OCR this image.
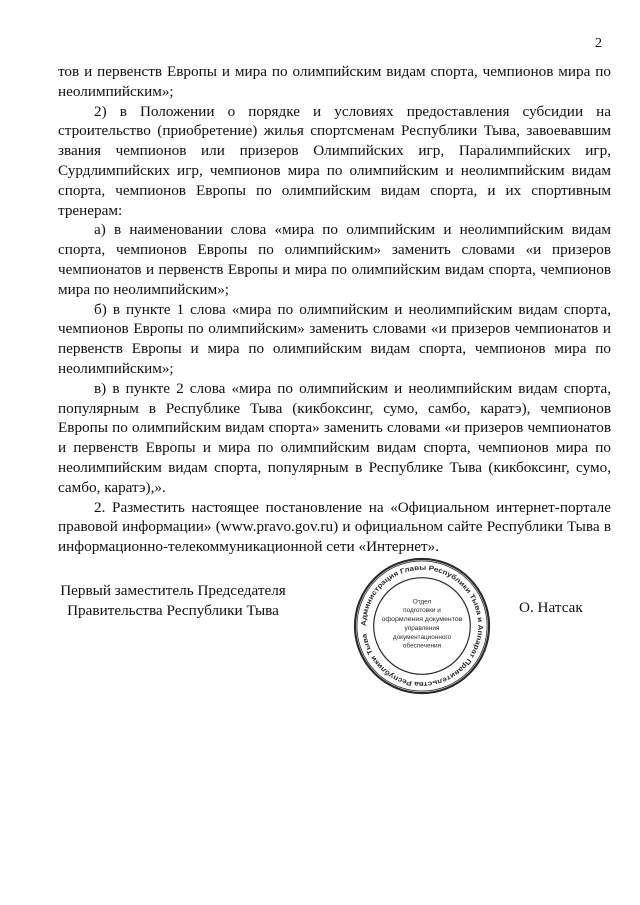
2

тов и первенств Европы и мира по олимпийским видам спорта, чемпионов мира по неолимпийским»;

2) в Положении о порядке и условиях предоставления субсидии на строительство (приобретение) жилья спортсменам Республики Тыва, завоевавшим звания чемпионов или призеров Олимпийских игр, Паралимпийских игр, Сурдлимпийских игр, чемпионов мира по олимпийским и неолимпийским видам спорта, чемпионов Европы по олимпийским видам спорта, и их спортивным тренерам:

а) в наименовании слова «мира по олимпийским и неолимпийским видам спорта, чемпионов Европы по олимпийским» заменить словами «и призеров чемпионатов и первенств Европы и мира по олимпийским видам спорта, чемпионов мира по неолимпийским»;

б) в пункте 1 слова «мира по олимпийским и неолимпийским видам спорта, чемпионов Европы по олимпийским» заменить словами «и призеров чемпионатов и первенств Европы и мира по олимпийским видам спорта, чемпионов мира по неолимпийским»;

в) в пункте 2 слова «мира по олимпийским и неолимпийским видам спорта, популярным в Республике Тыва (кикбоксинг, сумо, самбо, каратэ), чемпионов Европы по олимпийским видам спорта» заменить словами «и призеров чемпионатов и первенств Европы и мира по олимпийским видам спорта, чемпионов мира по неолимпийским видам спорта, популярным в Республике Тыва (кикбоксинг, сумо, самбо, каратэ),».

2. Разместить настоящее постановление на «Официальном интернет-портале правовой информации» (www.pravo.gov.ru) и официальном сайте Республики Тыва в информационно-телекоммуникационной сети «Интернет».

Первый заместитель Председателя
Правительства Республики Тыва
Администрация Главы Республики Тыва и Аппарат Правительства Республики Тыва
Отдел
подготовки и
оформления документов
управления
документационного
обеспечения
О. Натсак
